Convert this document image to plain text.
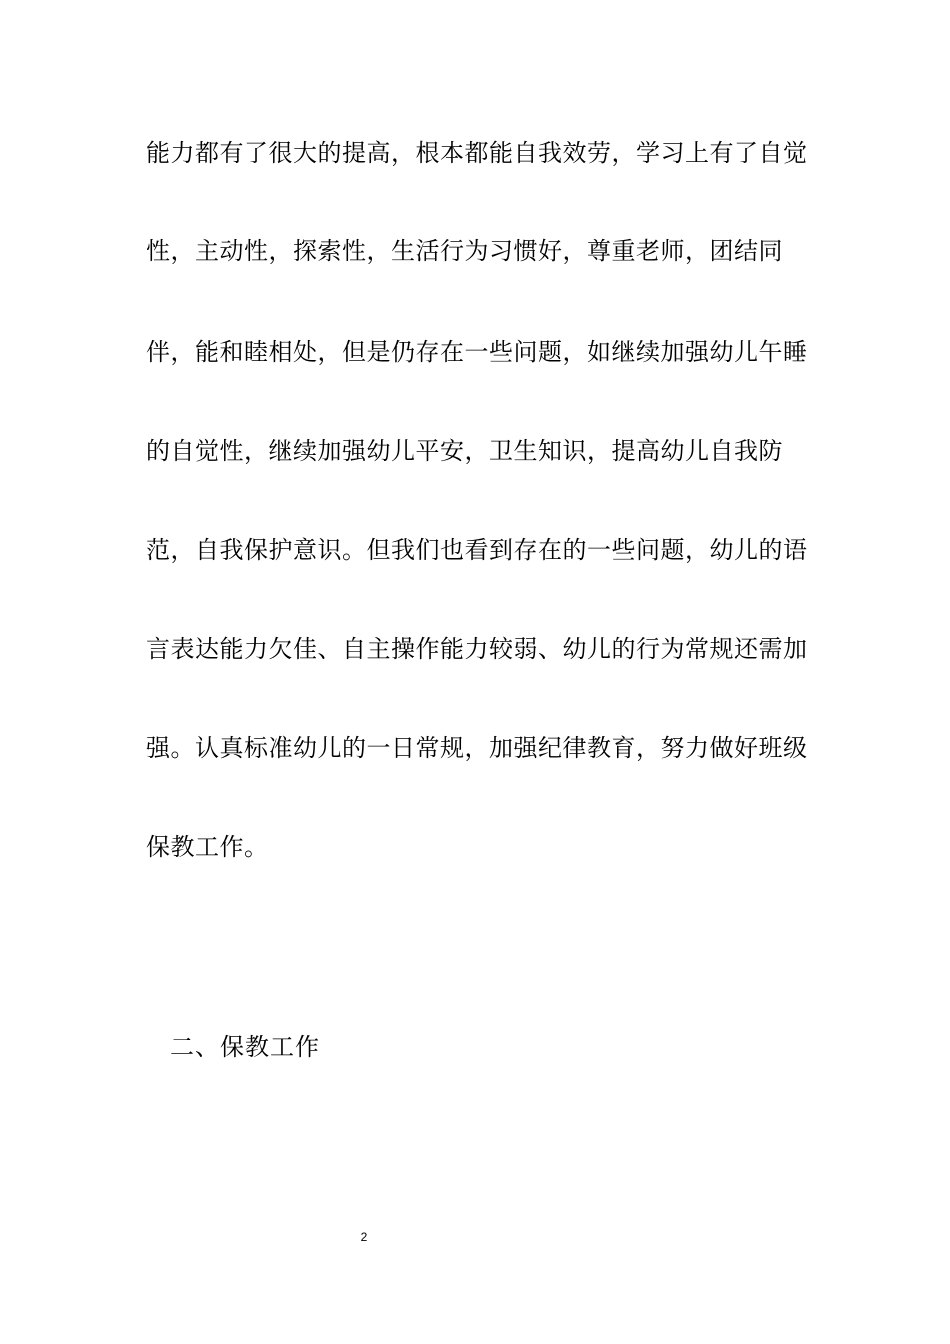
能力都有了很大的提高，根本都能自我效劳，学习上有了自觉
性，主动性，探索性，生活行为习惯好，尊重老师，团结同
伴，能和睦相处，但是仍存在一些问题，如继续加强幼儿午睡
的自觉性，继续加强幼儿平安，卫生知识，提高幼儿自我防
范，自我保护意识。但我们也看到存在的一些问题，幼儿的语
言表达能力欠佳、自主操作能力较弱、幼儿的行为常规还需加
强。认真标准幼儿的一日常规，加强纪律教育，努力做好班级
保教工作。
二、保教工作
2
